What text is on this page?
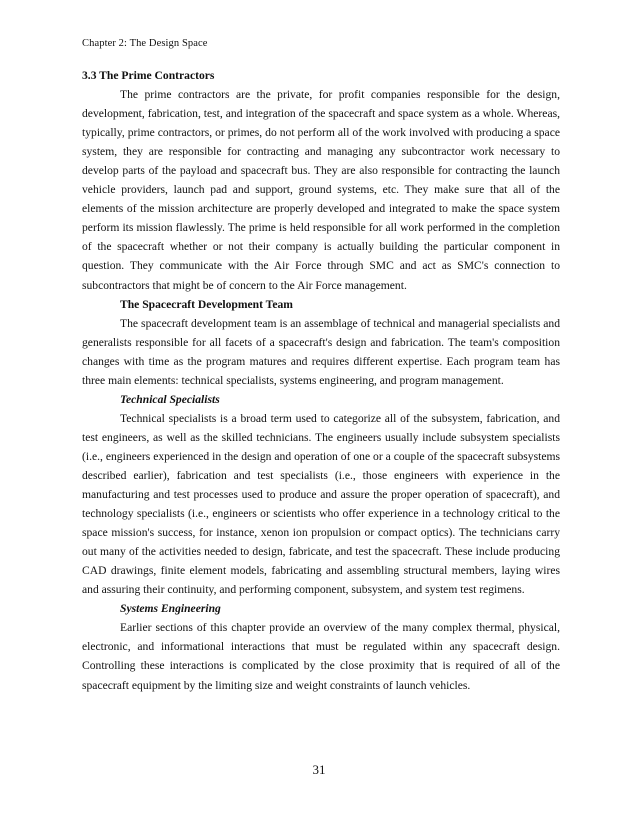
Chapter 2: The Design Space
3.3 The Prime Contractors

The prime contractors are the private, for profit companies responsible for the design, development, fabrication, test, and integration of the spacecraft and space system as a whole. Whereas, typically, prime contractors, or primes, do not perform all of the work involved with producing a space system, they are responsible for contracting and managing any subcontractor work necessary to develop parts of the payload and spacecraft bus. They are also responsible for contracting the launch vehicle providers, launch pad and support, ground systems, etc. They make sure that all of the elements of the mission architecture are properly developed and integrated to make the space system perform its mission flawlessly. The prime is held responsible for all work performed in the completion of the spacecraft whether or not their company is actually building the particular component in question. They communicate with the Air Force through SMC and act as SMC's connection to subcontractors that might be of concern to the Air Force management.

The Spacecraft Development Team

The spacecraft development team is an assemblage of technical and managerial specialists and generalists responsible for all facets of a spacecraft's design and fabrication. The team's composition changes with time as the program matures and requires different expertise. Each program team has three main elements: technical specialists, systems engineering, and program management.

Technical Specialists

Technical specialists is a broad term used to categorize all of the subsystem, fabrication, and test engineers, as well as the skilled technicians. The engineers usually include subsystem specialists (i.e., engineers experienced in the design and operation of one or a couple of the spacecraft subsystems described earlier), fabrication and test specialists (i.e., those engineers with experience in the manufacturing and test processes used to produce and assure the proper operation of spacecraft), and technology specialists (i.e., engineers or scientists who offer experience in a technology critical to the space mission's success, for instance, xenon ion propulsion or compact optics). The technicians carry out many of the activities needed to design, fabricate, and test the spacecraft. These include producing CAD drawings, finite element models, fabricating and assembling structural members, laying wires and assuring their continuity, and performing component, subsystem, and system test regimens.

Systems Engineering

Earlier sections of this chapter provide an overview of the many complex thermal, physical, electronic, and informational interactions that must be regulated within any spacecraft design. Controlling these interactions is complicated by the close proximity that is required of all of the spacecraft equipment by the limiting size and weight constraints of launch vehicles.

31
